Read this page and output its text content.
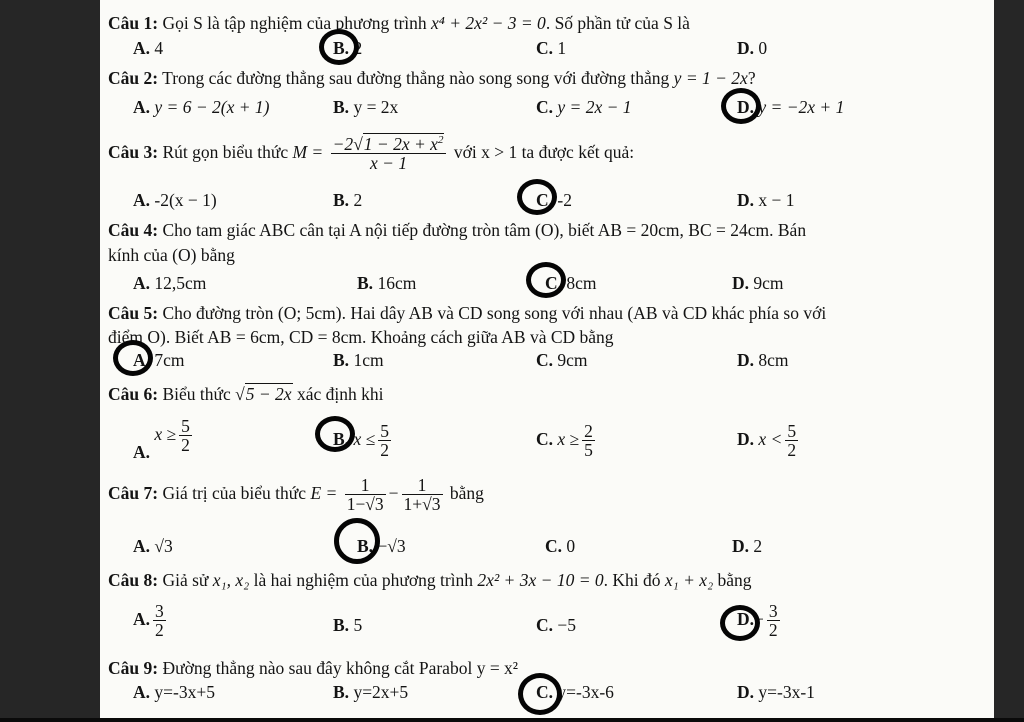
Câu 1: Gọi S là tập nghiệm của phương trình x⁴ + 2x² − 3 = 0. Số phần tử của S là
A. 4	B. 2	C. 1	D. 0
Câu 2: Trong các đường thẳng sau đường thẳng nào song song với đường thẳng y = 1 − 2x?
A. y = 6 − 2(x + 1)	B. y = 2x	C. y = 2x − 1	D. y = −2x + 1
Câu 3: Rút gọn biểu thức $M = \frac{-2√1 - 2x + x^2}{x - 1}$ với x > 1 ta được kết quả:
A. -2(x − 1)	B. 2	C. -2	D. x − 1
Câu 4: Cho tam giác ABC cân tại A nội tiếp đường tròn tâm (O), biết AB = 20cm, BC = 24cm. Bán
kính của (O) bằng
A. 12,5cm	B. 16cm	C. 8cm	D. 9cm
Câu 5: Cho đường tròn (O; 5cm). Hai dây AB và CD song song với nhau (AB và CD khác phía so với
điểm O). Biết AB = 6cm, CD = 8cm. Khoảng cách giữa AB và CD bằng
A. 7cm	B. 1cm	C. 9cm	D. 8cm
Câu 6: Biểu thức √5 − 2x xác định khi
A. $x \ge \frac{5}{2}$	B. $x \le \frac{5}{2}$	C. $x \ge \frac{2}{5}$	D. $x < \frac{5}{2}$
Câu 7: Giá trị của biểu thức $E = \frac{1}{1-√3} - \frac{1}{1+√3}$ bằng
A. √3	B. −√3	C. 0	D. 2
Câu 8: Giả sử x₁, x₂ là hai nghiệm của phương trình 2x² + 3x − 10 = 0. Khi đó x₁ + x₂ bằng
A. $\frac{3}{2}$	B. 5	C. −5	$D.- \frac{3}{2}$
Câu 9: Đường thẳng nào sau đây không cắt Parabol y = x²
A. y=-3x+5	B. y=2x+5	C. y=-3x-6	D. y=-3x-1
